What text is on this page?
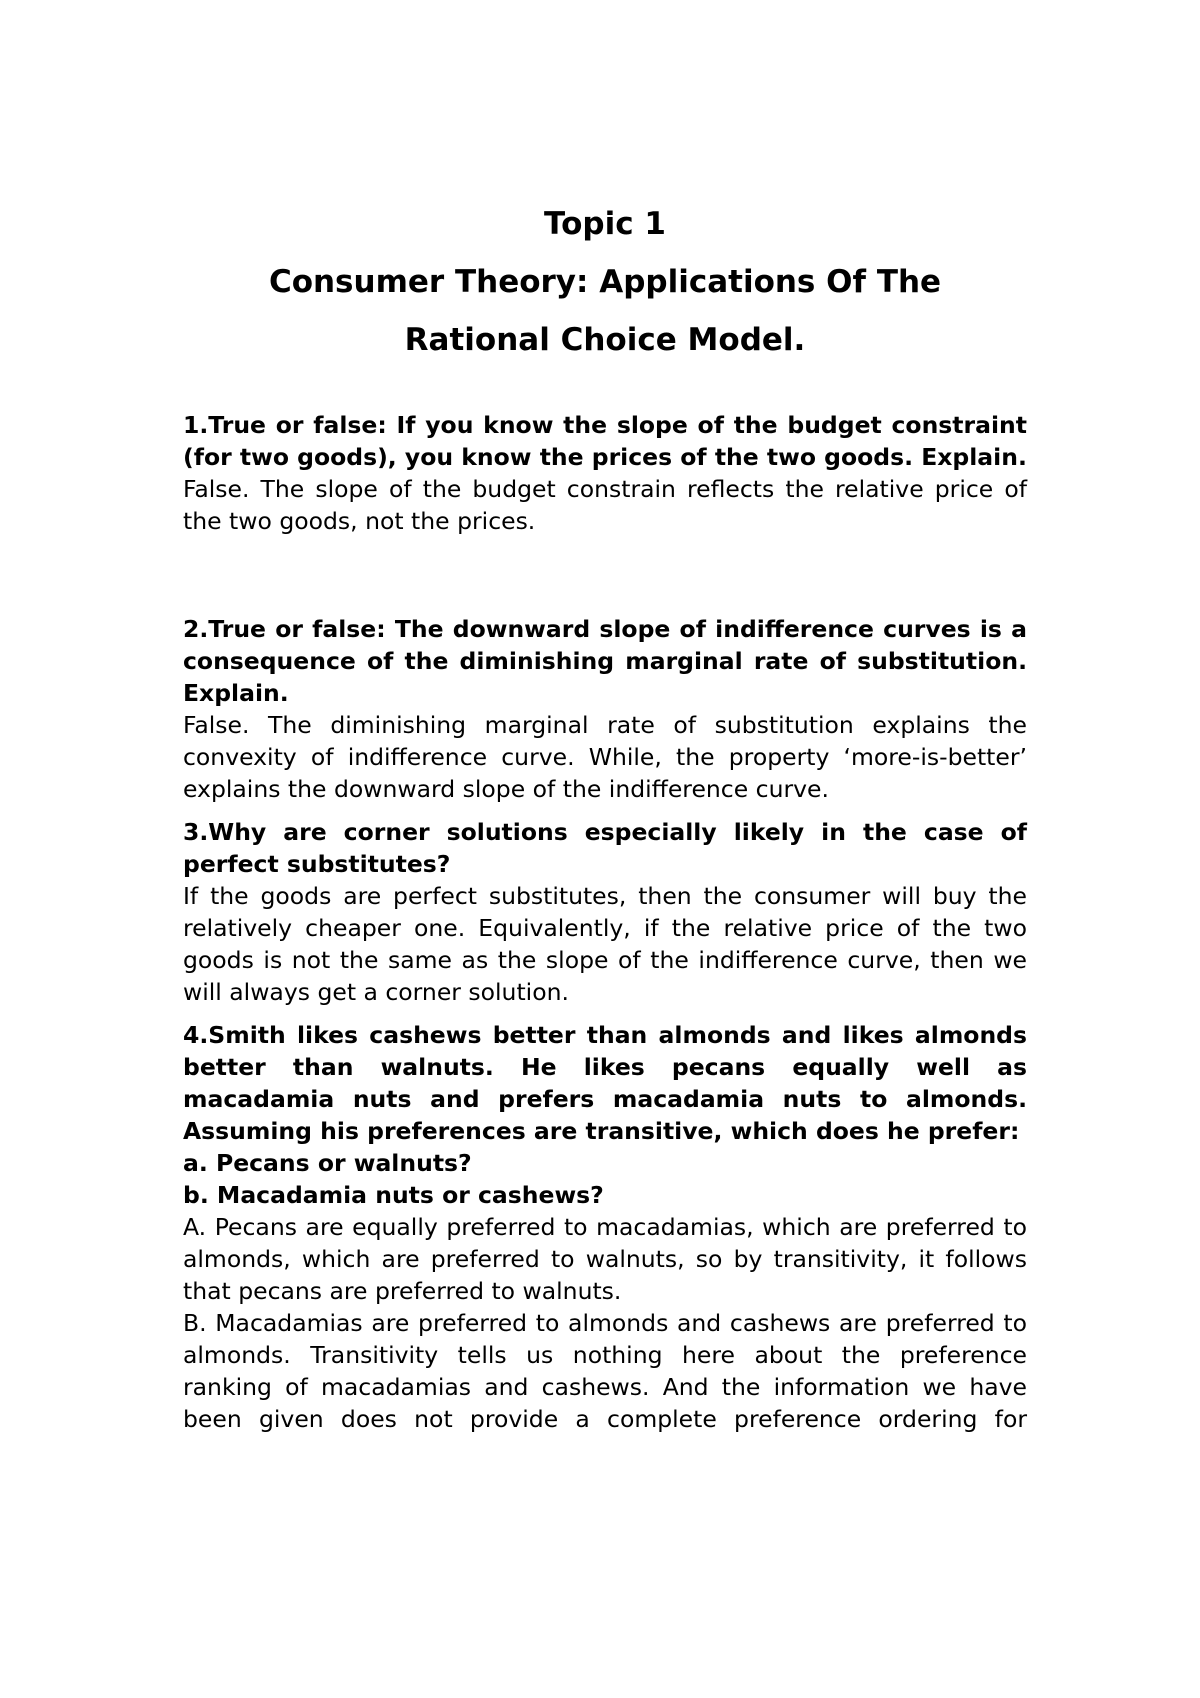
Topic 1
Consumer Theory: Applications Of The
Rational Choice Model.

1.True or false: If you know the slope of the budget constraint (for two goods), you know the prices of the two goods. Explain.

False. The slope of the budget constrain reflects the relative price of the two goods, not the prices.

2.True or false: The downward slope of indifference curves is a consequence of the diminishing marginal rate of substitution. Explain.

False. The diminishing marginal rate of substitution explains the convexity of indifference curve. While, the property ‘more-is-better’ explains the downward slope of the indifference curve.

3.Why are corner solutions especially likely in the case of perfect substitutes?

If the goods are perfect substitutes, then the consumer will buy the relatively cheaper one. Equivalently, if the relative price of the two goods is not the same as the slope of the indifference curve, then we will always get a corner solution.

4.Smith likes cashews better than almonds and likes almonds better than walnuts. He likes pecans equally well as macadamia nuts and prefers macadamia nuts to almonds. Assuming his preferences are transitive, which does he prefer:

a. Pecans or walnuts?

b. Macadamia nuts or cashews?

A. Pecans are equally preferred to macadamias, which are preferred to almonds, which are preferred to walnuts, so by transitivity, it follows that pecans are preferred to walnuts.

B. Macadamias are preferred to almonds and cashews are preferred to almonds. Transitivity tells us nothing here about the preference ranking of macadamias and cashews. And the information we have been given does not provide a complete preference ordering for
